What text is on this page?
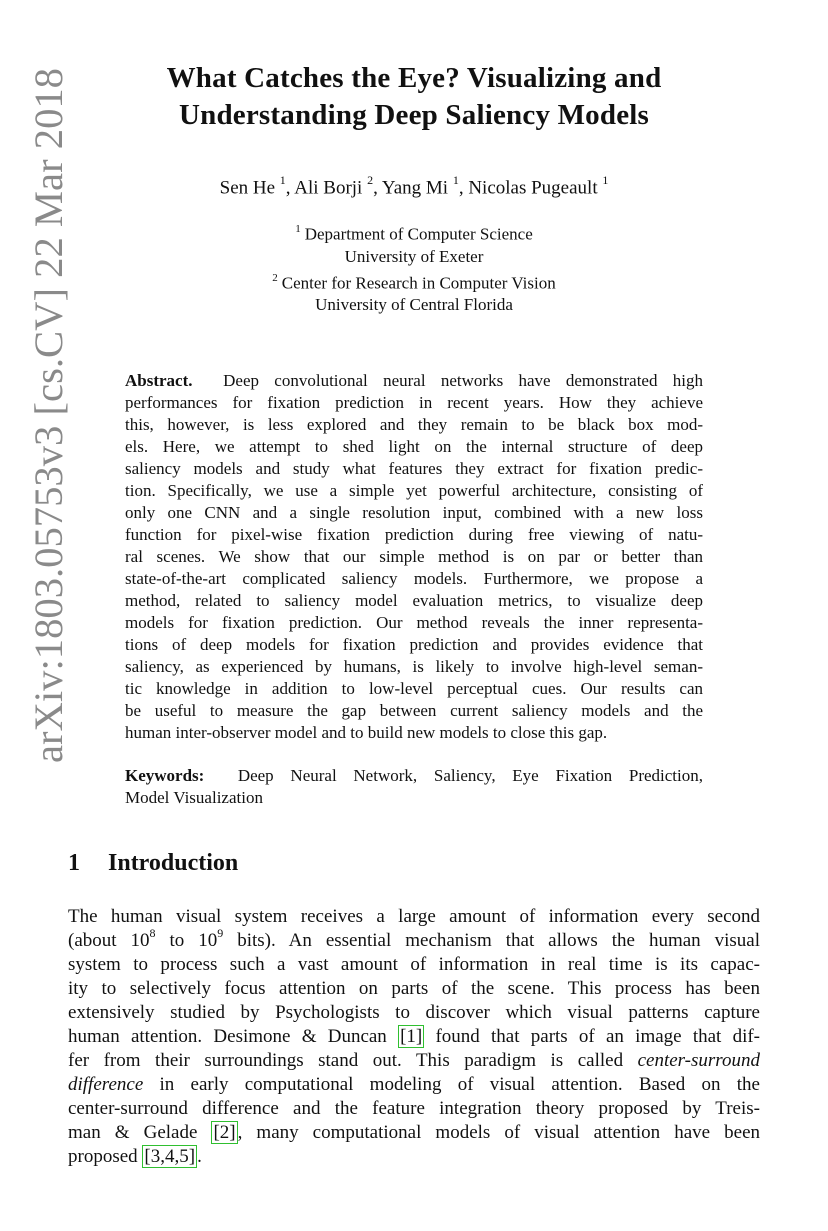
arXiv:1803.05753v3 [cs.CV] 22 Mar 2018
What Catches the Eye? Visualizing and
Understanding Deep Saliency Models
Sen He $^1$, Ali Borji $^2$, Yang Mi $^1$, Nicolas Pugeault $^1$
$^1$ Department of Computer Science
University of Exeter
$^2$ Center for Research in Computer Vision
University of Central Florida
Abstract. Deep convolutional neural networks have demonstrated high
performances for fixation prediction in recent years. How they achieve
this, however, is less explored and they remain to be black box mod-
els. Here, we attempt to shed light on the internal structure of deep
saliency models and study what features they extract for fixation predic-
tion. Specifically, we use a simple yet powerful architecture, consisting of
only one CNN and a single resolution input, combined with a new loss
function for pixel-wise fixation prediction during free viewing of natu-
ral scenes. We show that our simple method is on par or better than
state-of-the-art complicated saliency models. Furthermore, we propose a
method, related to saliency model evaluation metrics, to visualize deep
models for fixation prediction. Our method reveals the inner representa-
tions of deep models for fixation prediction and provides evidence that
saliency, as experienced by humans, is likely to involve high-level seman-
tic knowledge in addition to low-level perceptual cues. Our results can
be useful to measure the gap between current saliency models and the
human inter-observer model and to build new models to close this gap.
Keywords: Deep Neural Network, Saliency, Eye Fixation Prediction,
Model Visualization
1 Introduction
The human visual system receives a large amount of information every second
(about $10^8$ to $10^9$ bits). An essential mechanism that allows the human visual
system to process such a vast amount of information in real time is its capac-
ity to selectively focus attention on parts of the scene. This process has been
extensively studied by Psychologists to discover which visual patterns capture
human attention. Desimone & Duncan [1] found that parts of an image that dif-
fer from their surroundings stand out. This paradigm is called center-surround
difference in early computational modeling of visual attention. Based on the
center-surround difference and the feature integration theory proposed by Treis-
man & Gelade [2] , many computational models of visual attention have been
proposed [3,4,5] .
